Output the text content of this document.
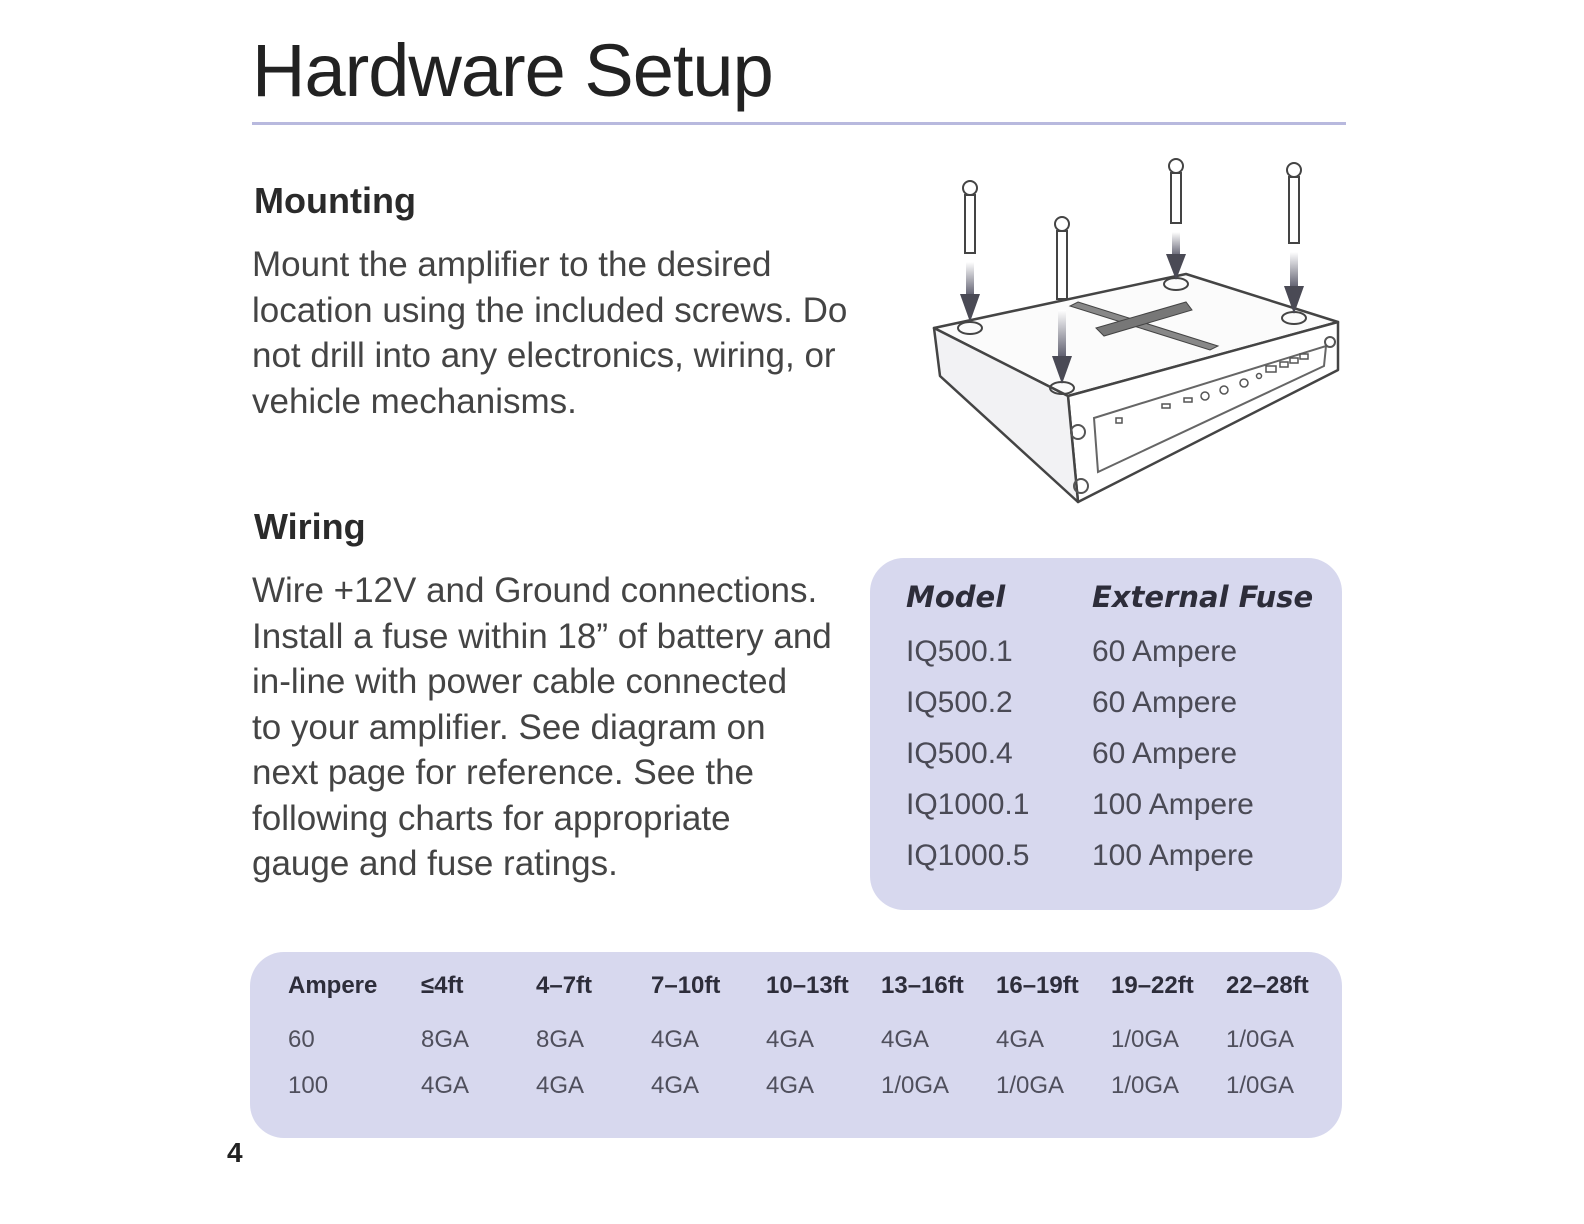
Hardware Setup
Mounting
Mount the amplifier to the desired
location using the included screws. Do
not drill into any electronics, wiring, or
vehicle mechanisms.
Wiring
Wire +12V and Ground connections.
Install a fuse within 18” of battery and
in-line with power cable connected
to your amplifier. See diagram on
next page for reference. See the
following charts for appropriate
gauge and fuse ratings.
Model	External Fuse
IQ500.1	60 Ampere
IQ500.2	60 Ampere
IQ500.4	60 Ampere
IQ1000.1	100 Ampere
IQ1000.5	100 Ampere
Ampere	≤4ft	4–7ft	7–10ft	10–13ft	13–16ft	16–19ft	19–22ft	22–28ft
60	8GA	8GA	4GA	4GA	4GA	4GA	1/0GA	1/0GA
100	4GA	4GA	4GA	4GA	1/0GA	1/0GA	1/0GA	1/0GA
4
